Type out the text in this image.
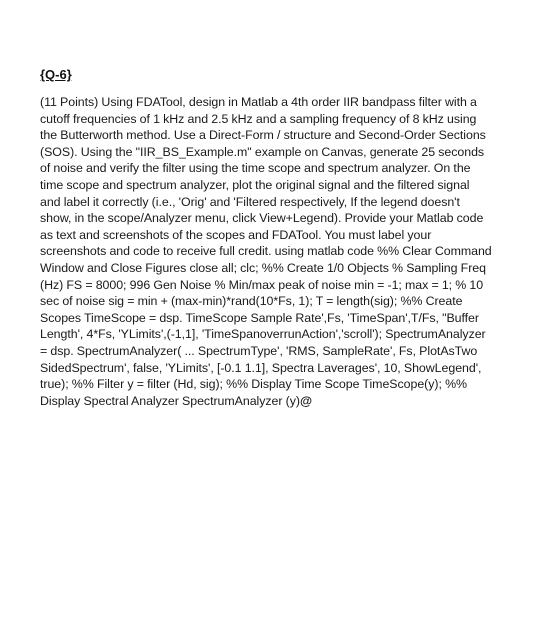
{Q-6}

(11 Points) Using FDATool, design in Matlab a 4th order IIR bandpass filter with a cutoff frequencies of 1 kHz and 2.5 kHz and a sampling frequency of 8 kHz using the Butterworth method. Use a Direct-Form / structure and Second-Order Sections (SOS). Using the "IIR_BS_Example.m" example on Canvas, generate 25 seconds of noise and verify the filter using the time scope and spectrum analyzer. On the time scope and spectrum analyzer, plot the original signal and the filtered signal and label it correctly (i.e., 'Orig' and 'Filtered respectively, If the legend doesn't show, in the scope/Analyzer menu, click View+Legend). Provide your Matlab code as text and screenshots of the scopes and FDATool. You must label your screenshots and code to receive full credit. using matlab code %% Clear Command Window and Close Figures close all; clc; %% Create 1/0 Objects % Sampling Freq (Hz) FS = 8000; 996 Gen Noise % Min/max peak of noise min = -1; max = 1; % 10 sec of noise sig = min + (max-min)*rand(10*Fs, 1); T = length(sig); %% Create Scopes TimeScope = dsp. TimeScope Sample Rate',Fs, 'TimeSpan',T/Fs, "Buffer Length', 4*Fs, 'YLimits',(-1,1], 'TimeSpanoverrunAction','scroll'); SpectrumAnalyzer = dsp. SpectrumAnalyzer( ... SpectrumType', 'RMS, SampleRate', Fs, PlotAsTwo SidedSpectrum', false, 'YLimits', [-0.1 1.1], Spectra Laverages', 10, ShowLegend', true); %% Filter y = filter (Hd, sig); %% Display Time Scope TimeScope(y); %% Display Spectral Analyzer SpectrumAnalyzer (y)@
